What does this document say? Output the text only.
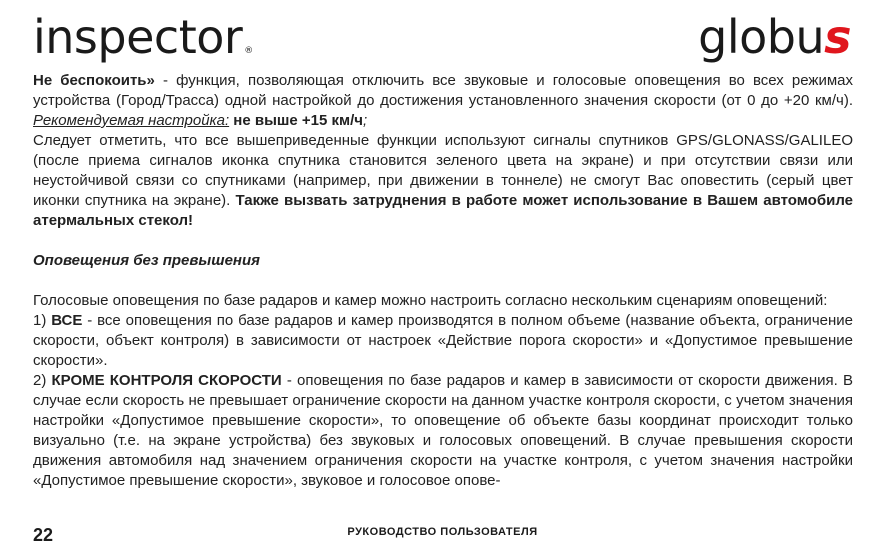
inspector ®	globus

Не беспокоить» - функция, позволяющая отключить все звуковые и голосовые оповещения во всех режимах устройства (Город/Трасса) одной настройкой до достижения установленного значения скорости (от 0 до +20 км/ч). Рекомендуемая настройка: не выше +15 км/ч;

Следует отметить, что все вышеприведенные функции используют сигналы спутников GPS/GLONASS/GALILEO (после приема сигналов иконка спутника становится зеленого цвета на экране) и при отсутствии связи или неустойчивой связи со спутниками (например, при движении в тоннеле) не смогут Вас оповестить (серый цвет иконки спутника на экране). Также вызвать затруднения в работе может использование в Вашем автомобиле атермальных стекол!

Оповещения без превышения

Голосовые оповещения по базе радаров и камер можно настроить согласно нескольким сценариям оповещений:

1) ВСЕ - все оповещения по базе радаров и камер производятся в полном объеме (название объекта, ограничение скорости, объект контроля) в зависимости от настроек «Действие порога скорости» и «Допустимое превышение скорости».

2) КРОМЕ КОНТРОЛЯ СКОРОСТИ - оповещения по базе радаров и камер в зависимости от скорости движения. В случае если скорость не превышает ограничение скорости на данном участке контроля скорости, с учетом значения настройки «Допустимое превышение скорости», то оповещение об объекте базы координат происходит только визуально (т.е. на экране устройства) без звуковых и голосовых оповещений. В случае превышения скорости движения автомобиля над значением ограничения скорости на участке контроля, с учетом значения настройки «Допустимое превышение скорости», звуковое и голосовое опове-

22	РУКОВОДСТВО ПОЛЬЗОВАТЕЛЯ
